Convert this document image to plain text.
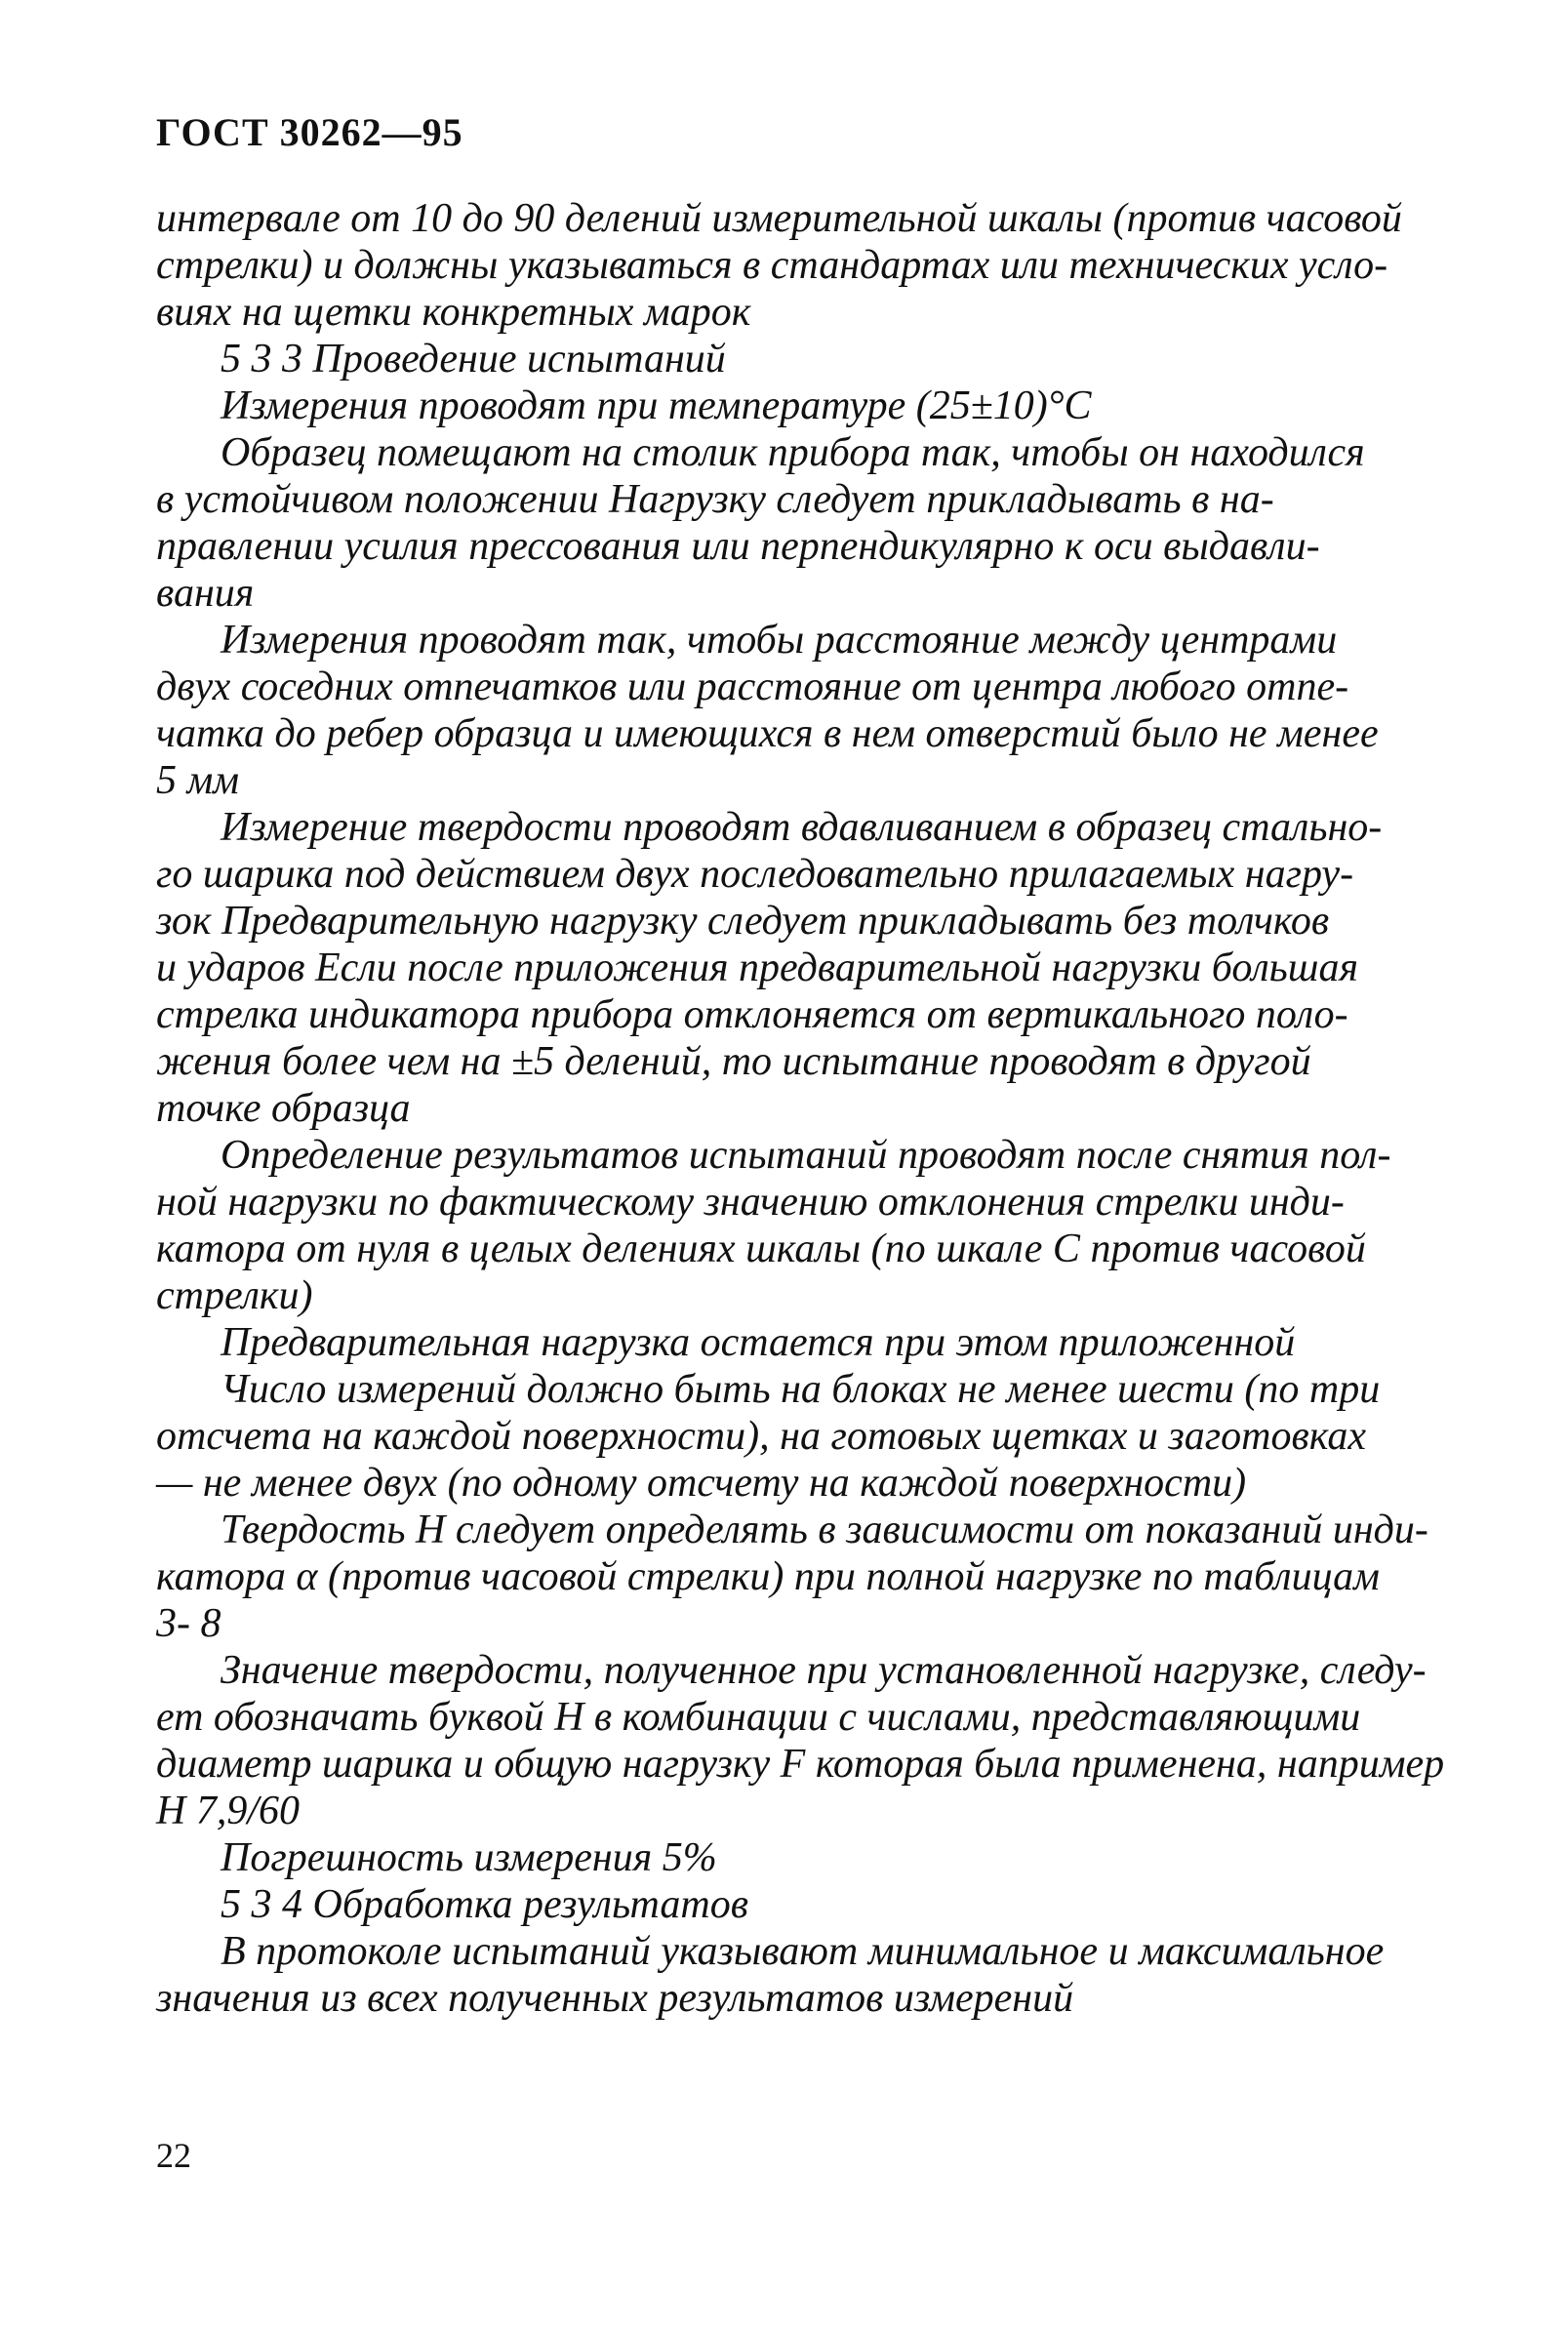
ГОСТ 30262—95
интервале от 10 до 90 делений измерительной шкалы (против часовой
стрелки) и должны указываться в стандартах или технических усло-
виях на щетки конкретных марок
5 3 3 Проведение испытаний
Измерения проводят при температуре (25±10)°C
Образец помещают на столик прибора так, чтобы он находился
в устойчивом положении Нагрузку следует прикладывать в на-
правлении усилия прессования или перпендикулярно к оси выдавли-
вания
Измерения проводят так, чтобы расстояние между центрами
двух соседних отпечатков или расстояние от центра любого отпе-
чатка до ребер образца и имеющихся в нем отверстий было не менее
5 мм
Измерение твердости проводят вдавливанием в образец стально-
го шарика под действием двух последовательно прилагаемых нагру-
зок Предварительную нагрузку следует прикладывать без толчков
и ударов Если после приложения предварительной нагрузки большая
стрелка индикатора прибора отклоняется от вертикального поло-
жения более чем на ±5 делений, то испытание проводят в другой
точке образца
Определение результатов испытаний проводят после снятия пол-
ной нагрузки по фактическому значению отклонения стрелки инди-
катора от нуля в целых делениях шкалы (по шкале С против часовой
стрелки)
Предварительная нагрузка остается при этом приложенной
Число измерений должно быть на блоках не менее шести (по три
отсчета на каждой поверхности), на готовых щетках и заготовках
— не менее двух (по одному отсчету на каждой поверхности)
Твердость Н следует определять в зависимости от показаний инди-
катора α (против часовой стрелки) при полной нагрузке по таблицам
3- 8
Значение твердости, полученное при установленной нагрузке, следу-
ет обозначать буквой Н в комбинации с числами, представляющими
диаметр шарика и общую нагрузку F которая была применена, например
Н 7,9/60
Погрешность измерения 5%
5 3 4 Обработка результатов
В протоколе испытаний указывают минимальное и максимальное
значения из всех полученных результатов измерений
22
